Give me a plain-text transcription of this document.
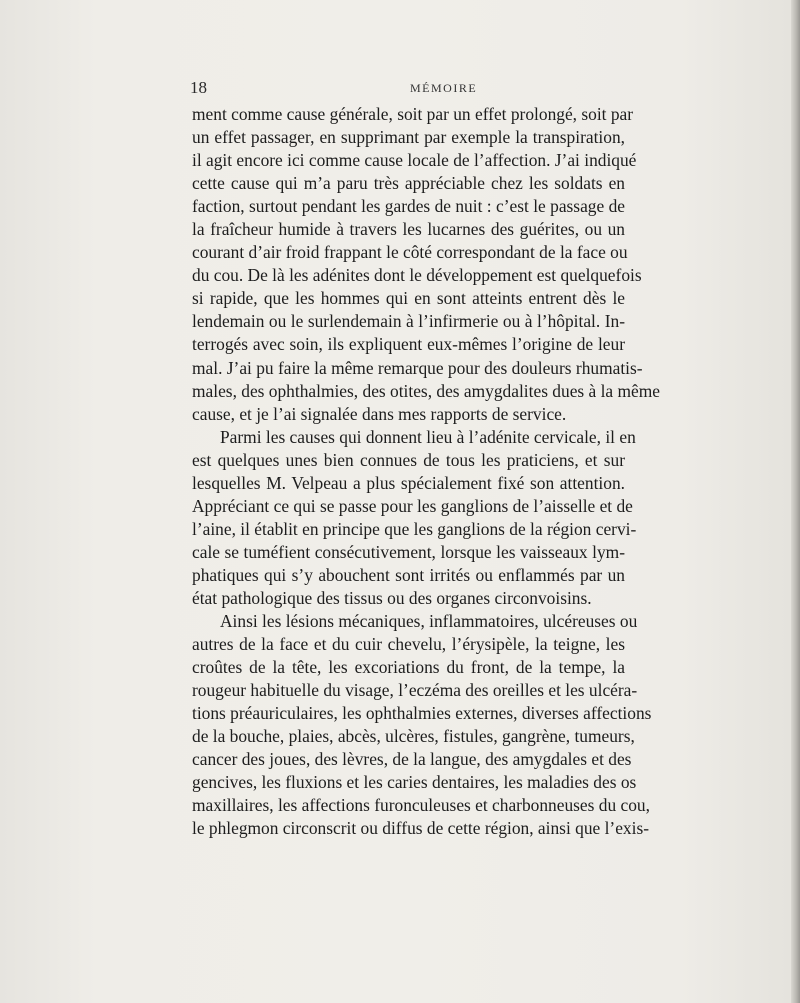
18	MÉMOIRE
ment comme cause générale, soit par un effet prolongé, soit par
un effet passager, en supprimant par exemple la transpiration,
il agit encore ici comme cause locale de l’affection. J’ai indiqué
cette cause qui m’a paru très appréciable chez les soldats en
faction, surtout pendant les gardes de nuit : c’est le passage de
la fraîcheur humide à travers les lucarnes des guérites, ou un
courant d’air froid frappant le côté correspondant de la face ou
du cou. De là les adénites dont le développement est quelquefois
si rapide, que les hommes qui en sont atteints entrent dès le
lendemain ou le surlendemain à l’infirmerie ou à l’hôpital. In-
terrogés avec soin, ils expliquent eux-mêmes l’origine de leur
mal. J’ai pu faire la même remarque pour des douleurs rhumatis-
males, des ophthalmies, des otites, des amygdalites dues à la même
cause, et je l’ai signalée dans mes rapports de service.
Parmi les causes qui donnent lieu à l’adénite cervicale, il en
est quelques unes bien connues de tous les praticiens, et sur
lesquelles M. Velpeau a plus spécialement fixé son attention.
Appréciant ce qui se passe pour les ganglions de l’aisselle et de
l’aine, il établit en principe que les ganglions de la région cervi-
cale se tuméfient consécutivement, lorsque les vaisseaux lym-
phatiques qui s’y abouchent sont irrités ou enflammés par un
état pathologique des tissus ou des organes circonvoisins.
Ainsi les lésions mécaniques, inflammatoires, ulcéreuses ou
autres de la face et du cuir chevelu, l’érysipèle, la teigne, les
croûtes de la tête, les excoriations du front, de la tempe, la
rougeur habituelle du visage, l’eczéma des oreilles et les ulcéra-
tions préauriculaires, les ophthalmies externes, diverses affections
de la bouche, plaies, abcès, ulcères, fistules, gangrène, tumeurs,
cancer des joues, des lèvres, de la langue, des amygdales et des
gencives, les fluxions et les caries dentaires, les maladies des os
maxillaires, les affections furonculeuses et charbonneuses du cou,
le phlegmon circonscrit ou diffus de cette région, ainsi que l’exis-
